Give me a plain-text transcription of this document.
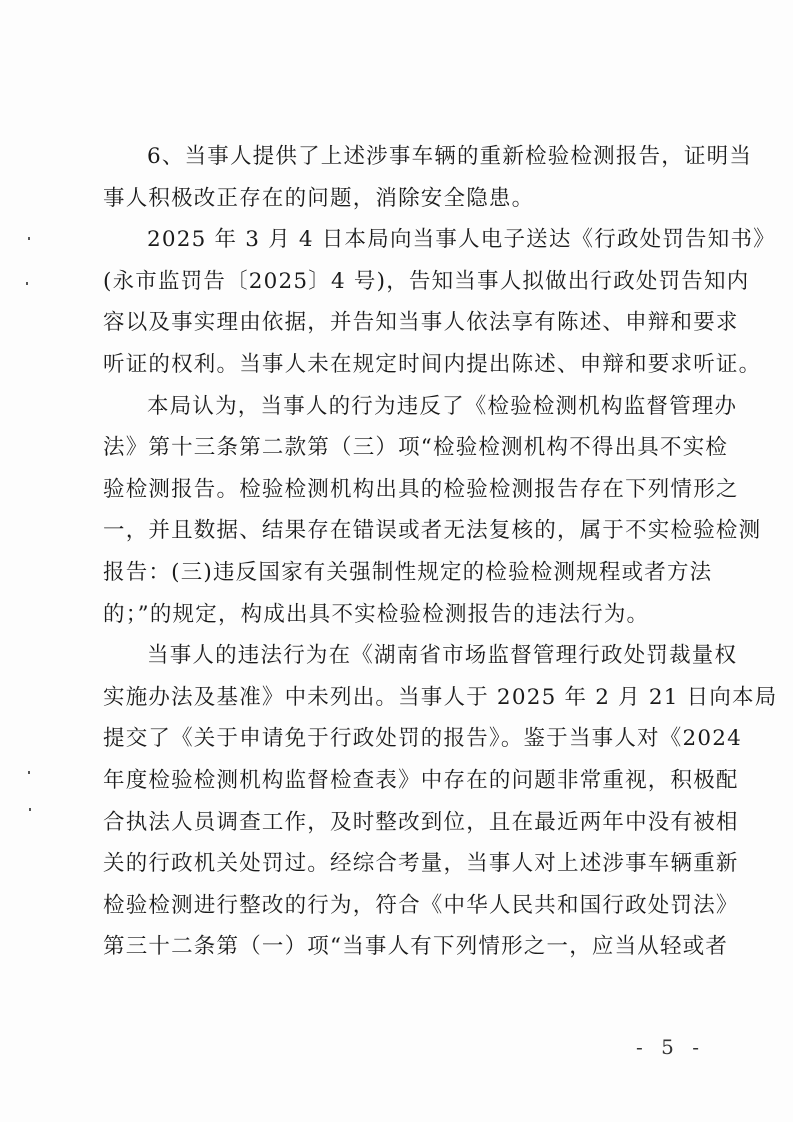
6、当事人提供了上述涉事车辆的重新检验检测报告，证明当
事人积极改正存在的问题，消除安全隐患。
2025 年 3 月 4 日本局向当事人电子送达《行政处罚告知书》
(永市监罚告〔2025〕4 号)，告知当事人拟做出行政处罚告知内
容以及事实理由依据，并告知当事人依法享有陈述、申辩和要求
听证的权利。当事人未在规定时间内提出陈述、申辩和要求听证。
本局认为，当事人的行为违反了《检验检测机构监督管理办
法》第十三条第二款第（三）项“检验检测机构不得出具不实检
验检测报告。检验检测机构出具的检验检测报告存在下列情形之
一，并且数据、结果存在错误或者无法复核的，属于不实检验检测
报告：(三)违反国家有关强制性规定的检验检测规程或者方法
的；”的规定，构成出具不实检验检测报告的违法行为。
当事人的违法行为在《湖南省市场监督管理行政处罚裁量权
实施办法及基准》中未列出。当事人于 2025 年 2 月 21 日向本局
提交了《关于申请免于行政处罚的报告》。鉴于当事人对《2024
年度检验检测机构监督检查表》中存在的问题非常重视，积极配
合执法人员调查工作，及时整改到位，且在最近两年中没有被相
关的行政机关处罚过。经综合考量，当事人对上述涉事车辆重新
检验检测进行整改的行为，符合《中华人民共和国行政处罚法》
第三十二条第（一）项“当事人有下列情形之一，应当从轻或者
- 5 -
